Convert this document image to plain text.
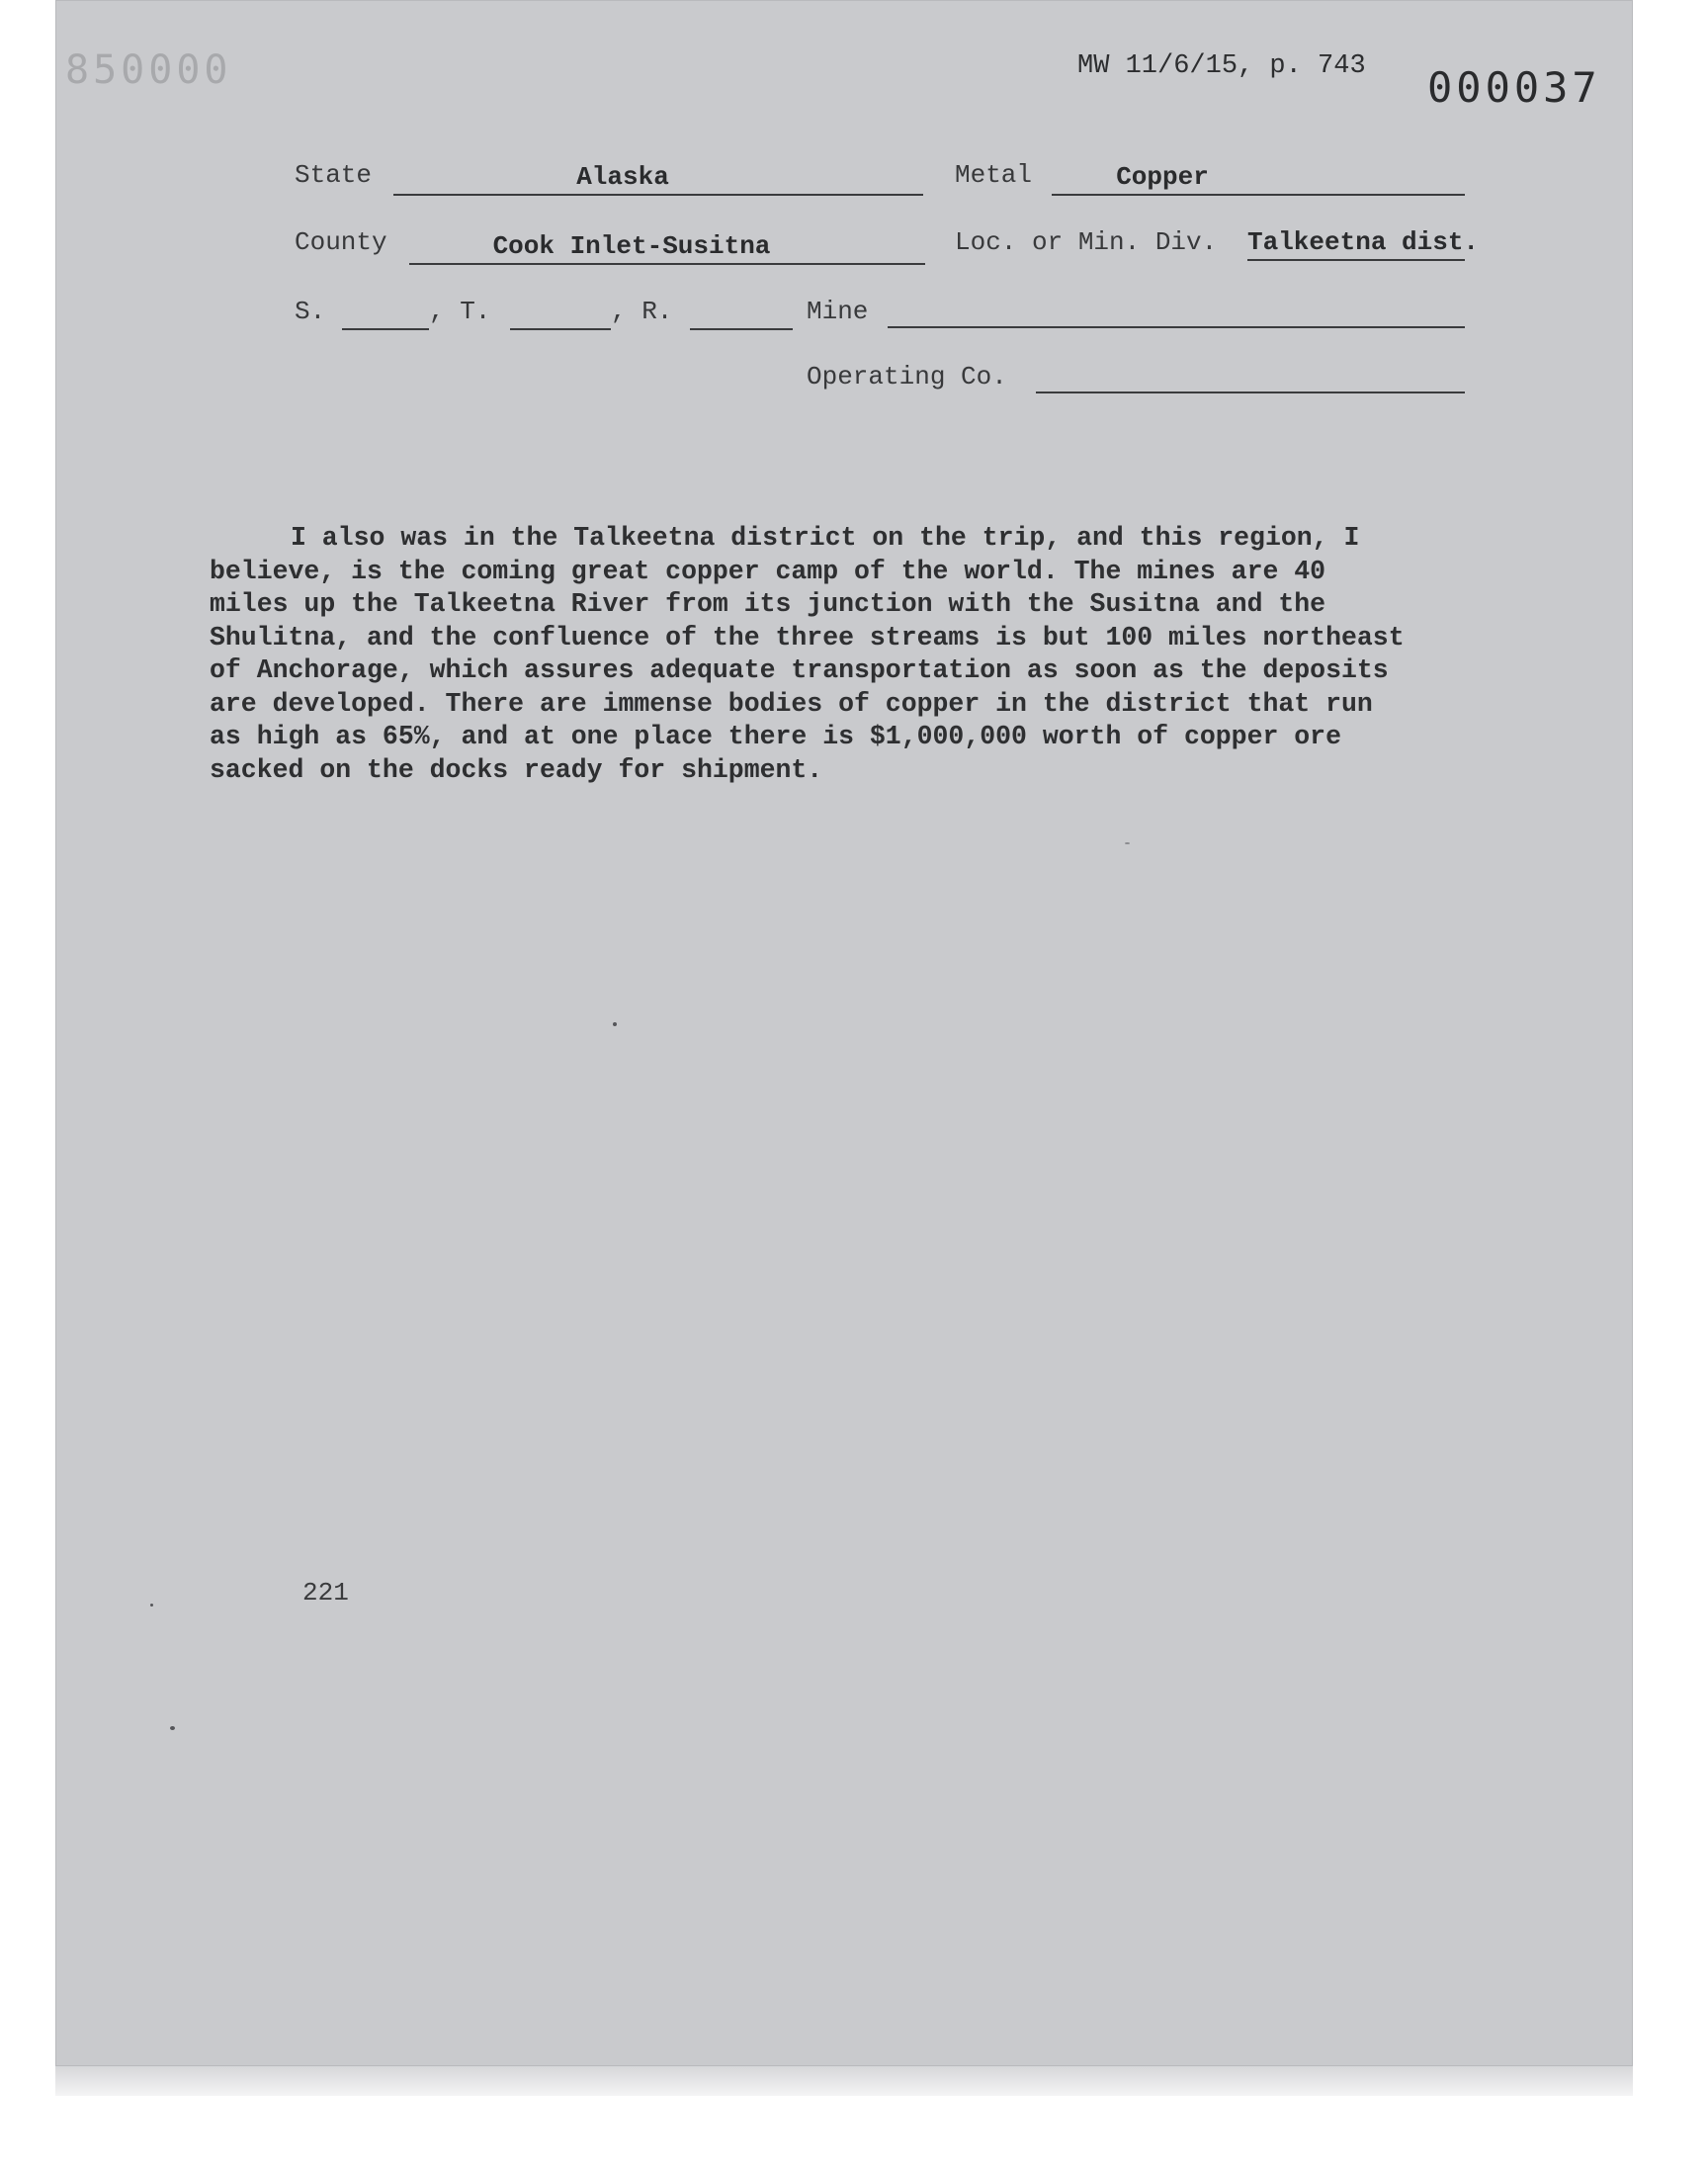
850000	MW 11/6/15, p. 743 000037
State	Alaska	Metal	Copper
County	Cook Inlet-Susitna	Loc. or Min. Div. Talkeetna dist.
S.	, T.	, R.	Mine
Operating Co.

I also was in the Talkeetna district on the trip, and this region, I believe, is the coming great copper camp of the world. The mines are 40 miles up the Talkeetna River from its junction with the Susitna and the Shulitna, and the confluence of the three streams is but 100 miles northeast of Anchorage, which assures adequate transportation as soon as the deposits are developed. There are immense bodies of copper in the district that run as high as 65%, and at one place there is $1,000,000 worth of copper ore sacked on the docks ready for shipment.

221
